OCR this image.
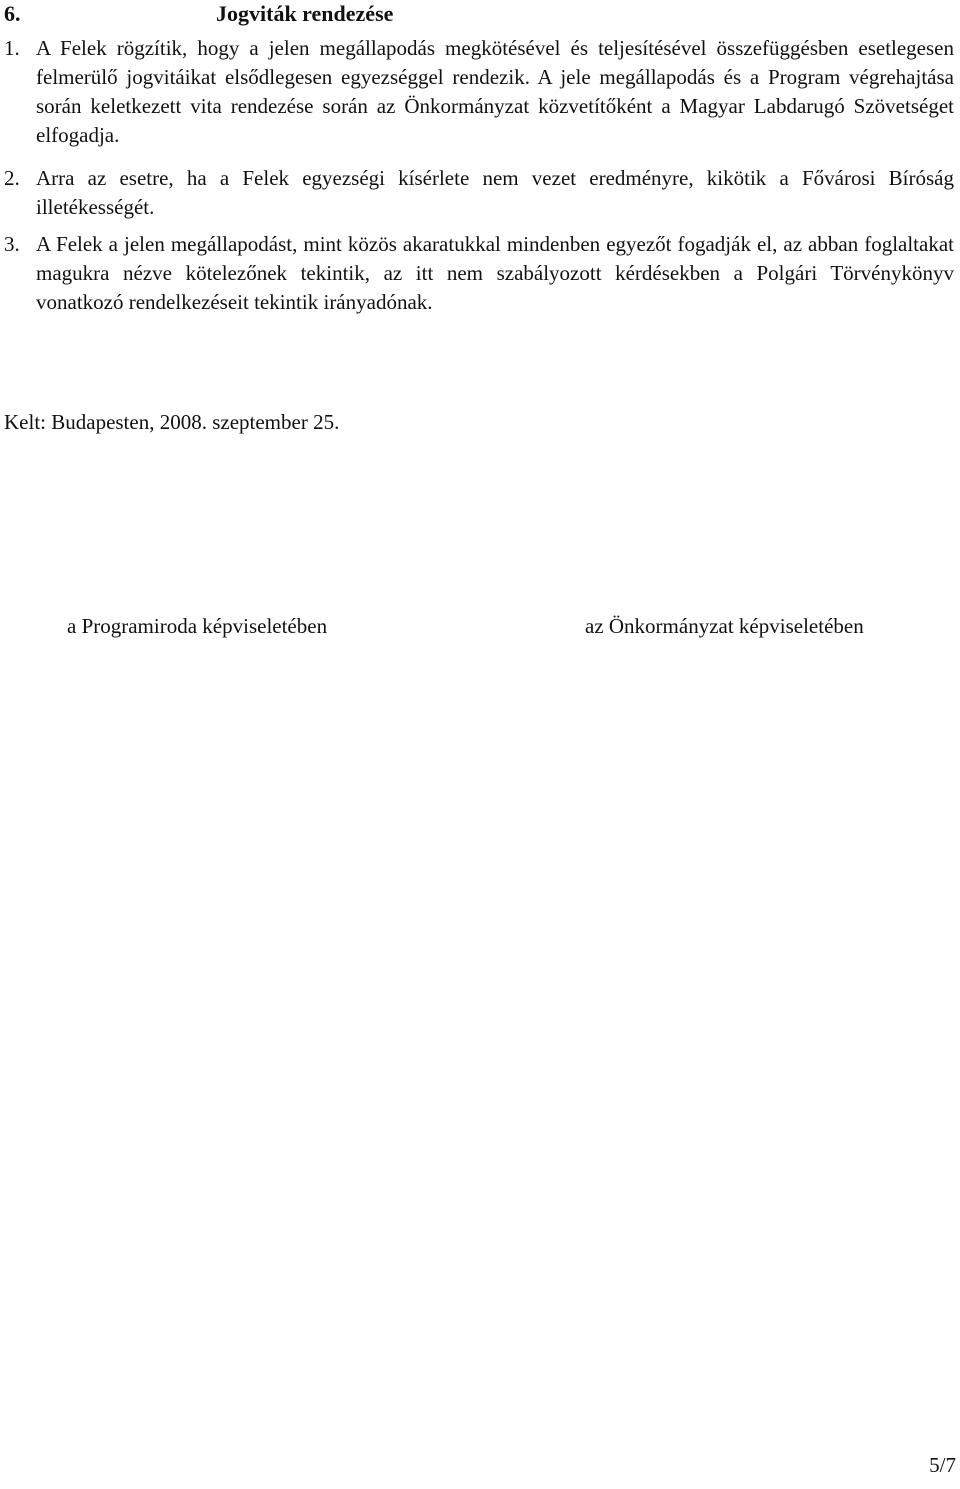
6.	Jogviták rendezése

1. A Felek rögzítik, hogy a jelen megállapodás megkötésével és teljesítésével összefüggésben esetlegesen felmerülő jogvitáikat elsődlegesen egyezséggel rendezik. A jele megállapodás és a Program végrehajtása során keletkezett vita rendezése során az Önkormányzat közvetítőként a Magyar Labdarugó Szövetséget elfogadja.

2. Arra az esetre, ha a Felek egyezségi kísérlete nem vezet eredményre, kikötik a Fővárosi Bíróság illetékességét.

3. A Felek a jelen megállapodást, mint közös akaratukkal mindenben egyezőt fogadják el, az abban foglaltakat magukra nézve kötelezőnek tekintik, az itt nem szabályozott kérdésekben a Polgári Törvénykönyv vonatkozó rendelkezéseit tekintik irányadónak.

Kelt: Budapesten, 2008. szeptember 25.
a Programiroda képviseletében	az Önkormányzat képviseletében
5/7
